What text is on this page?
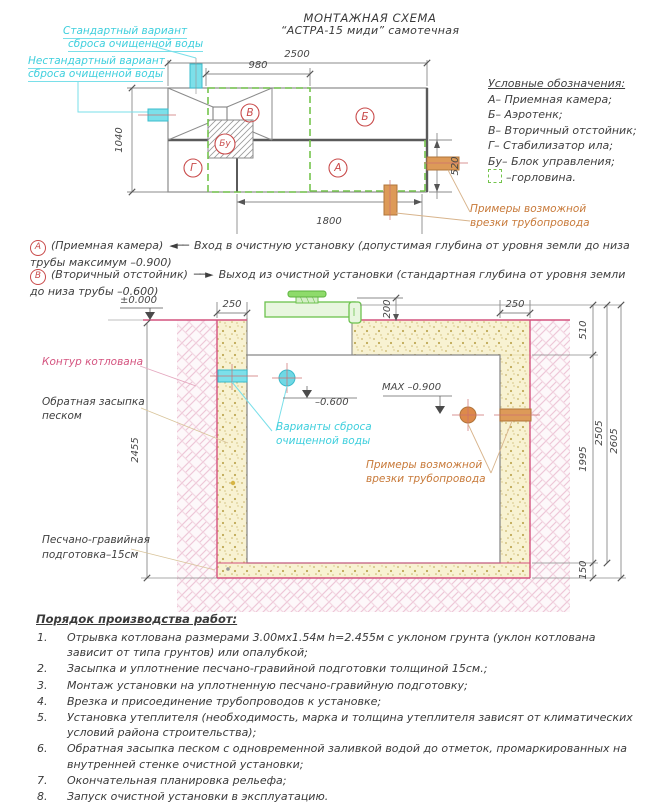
МОНТАЖНАЯ СХЕМА
“АСТРА-15 миди” самотечная
Стандартный вариант
сброса очищенной воды
Нестандартный вариант
сброса очищенной воды
Условные обозначения:
А– Приемная камера;
Б– Аэротенк;
В– Вторичный отстойник;
Г– Стабилизатор ила;
Бу– Блок управления;
–горловина.
В	Б
Бу
Г	А
2500
980
1040
520
1800
Примеры возможной
врезки трубопровода
А (Приемная камера) ◄── Вход в очистную установку (допустимая глубина от уровня земли до низа трубы максимум –0.900)
В (Вторичный отстойник) ──► Выход из очистной установки (стандартная глубина от уровня земли до низа трубы –0.600)
±0.000
Контур котлована
Обратная засыпка
песком
Варианты сброса
очищенной воды
MAX –0.900
–0.600
Примеры возможной
врезки трубопровода
Песчано-гравийная
подготовка–15см
250	200	250
510
1995
2505 2605
150
2455
Порядок производства работ:
1.	Отрывка котлована размерами 3.00мх1.54м h=2.455м с уклоном грунта (уклон котлована зависит от типа грунтов) или опалубкой;
2.	Засыпка и уплотнение песчано-гравийной подготовки толщиной 15см.;
3.	Монтаж установки на уплотненную песчано-гравийную подготовку;
4.	Врезка и присоединение трубопроводов к установке;
5.	Установка утеплителя (необходимость, марка и толщина утеплителя зависят от климатических условий района строительства);
6.	Обратная засыпка песком с одновременной заливкой водой до отметок, промаркированных на внутренней стенке очистной установки;
7.	Окончательная планировка рельефа;
8.	Запуск очистной установки в эксплуатацию.
